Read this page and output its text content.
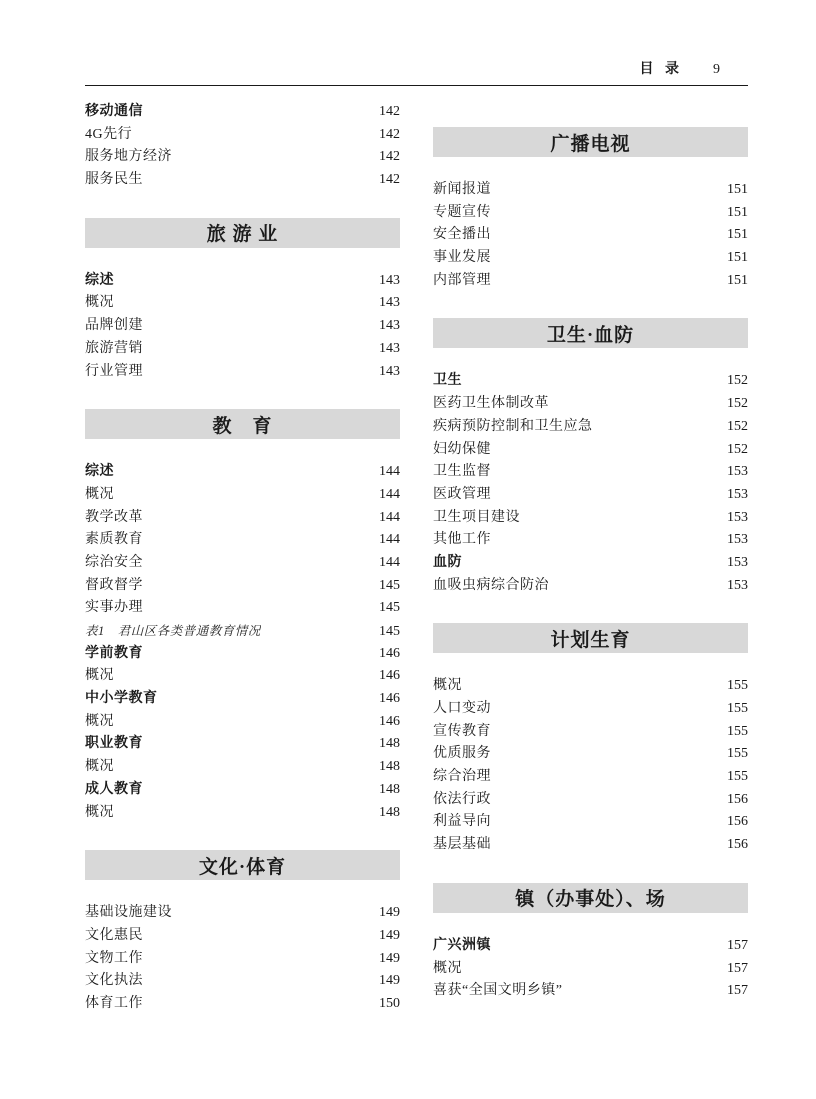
目 录 9
移动通信	142
4G先行	142
服务地方经济	142
服务民生	142
旅 游 业
综述	143
概况	143
品牌创建	143
旅游营销	143
行业管理	143
教　育
综述	144
概况	144
教学改革	144
素质教育	144
综治安全	144
督政督学	145
实事办理	145
表1　君山区各类普通教育情况	145
学前教育	146
概况	146
中小学教育	146
概况	146
职业教育	148
概况	148
成人教育	148
概况	148
文化·体育
基础设施建设	149
文化惠民	149
文物工作	149
文化执法	149
体育工作	150
广播电视
新闻报道	151
专题宣传	151
安全播出	151
事业发展	151
内部管理	151
卫生·血防
卫生	152
医药卫生体制改革	152
疾病预防控制和卫生应急	152
妇幼保健	152
卫生监督	153
医政管理	153
卫生项目建设	153
其他工作	153
血防	153
血吸虫病综合防治	153
计划生育
概况	155
人口变动	155
宣传教育	155
优质服务	155
综合治理	155
依法行政	156
利益导向	156
基层基础	156
镇（办事处）、场
广兴洲镇	157
概况	157
喜获“全国文明乡镇”	157
